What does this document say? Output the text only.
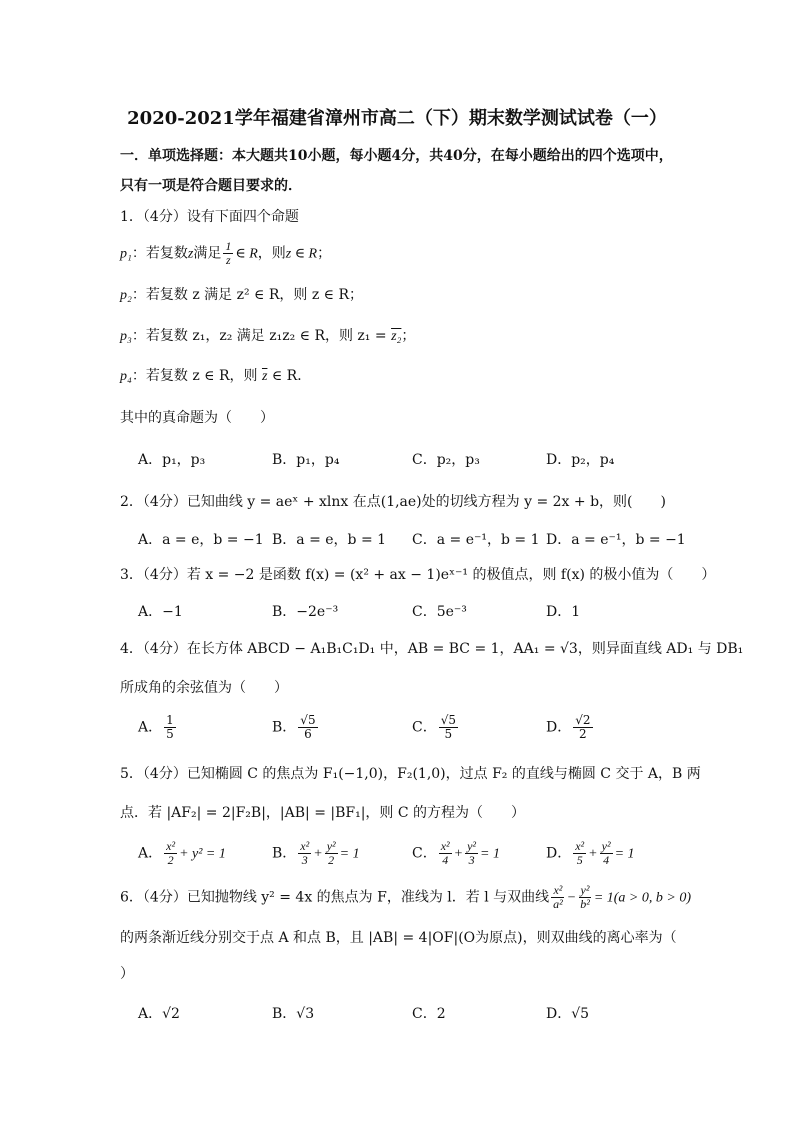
2020-2021学年福建省漳州市高二（下）期末数学测试试卷（一）
一．单项选择题：本大题共10小题，每小题4分，共40分，在每小题给出的四个选项中，
只有一项是符合题目要求的．
1．（4分）设有下面四个命题
p₁：若复数z满足 $\frac{1}{z}$ ∈ R，则z ∈ R；
p₂：若复数 z 满足 z² ∈ R，则 z ∈ R；
p₃：若复数 z₁，z₂ 满足 z₁z₂ ∈ R，则 z₁ = z₂；
p₄：若复数 z ∈ R，则 $\overline{z}$ ∈ R．
其中的真命题为（　　）
A．p₁，p₃	B．p₁，p₄	C．p₂，p₃	D．p₂，p₄
2．（4分）已知曲线 y = aeˣ + xlnx 在点(1,ae)处的切线方程为 y = 2x + b，则(　　)
A．a = e，b = −1 B．a = e，b = 1 C．a = e⁻¹，b = 1 D．a = e⁻¹，b = −1
3．（4分）若 x = −2 是函数 f(x) = (x² + ax − 1)eˣ⁻¹ 的极值点，则 f(x) 的极小值为（　　）
A．−1	B．−2e⁻³	C．5e⁻³	D．1
4．（4分）在长方体 ABCD − A₁B₁C₁D₁ 中，AB = BC = 1，AA₁ = √3，则异面直线 AD₁ 与 DB₁
所成角的余弦值为（　　）
A． $\frac{1}{5}$	B． $\frac{√5}{6}$	C． $\frac{√5}{5}$	D． $\frac{√2}{2}$
5．（4分）已知椭圆 C 的焦点为 F₁(−1,0)，F₂(1,0)，过点 F₂ 的直线与椭圆 C 交于 A，B 两
点．若 |AF₂| = 2|F₂B|，|AB| = |BF₁|，则 C 的方程为（　　）
A． $\frac{\text{x²}}{2} + y^2 = 1$	B． $\frac{\text{x²}}{3} + \frac{\text{y²}}{2} = 1$	C． $\frac{\text{x²}}{4} + \frac{\text{y²}}{3} = 1$	D． $\frac{\text{x²}}{5} + \frac{\text{y²}}{4} = 1$
6．（4分）已知抛物线 y² = 4x 的焦点为 F，准线为 l．若 l 与双曲线 $\frac{\text{x²}}{\text{a²}} - \frac{\text{y²}}{\text{b²}} = 1(a > 0$, b > 0)
的两条渐近线分别交于点 A 和点 B，且 |AB| = 4|OF|(O为原点)，则双曲线的离心率为（
）
A．√2	B．√3	C．2	D．√5
